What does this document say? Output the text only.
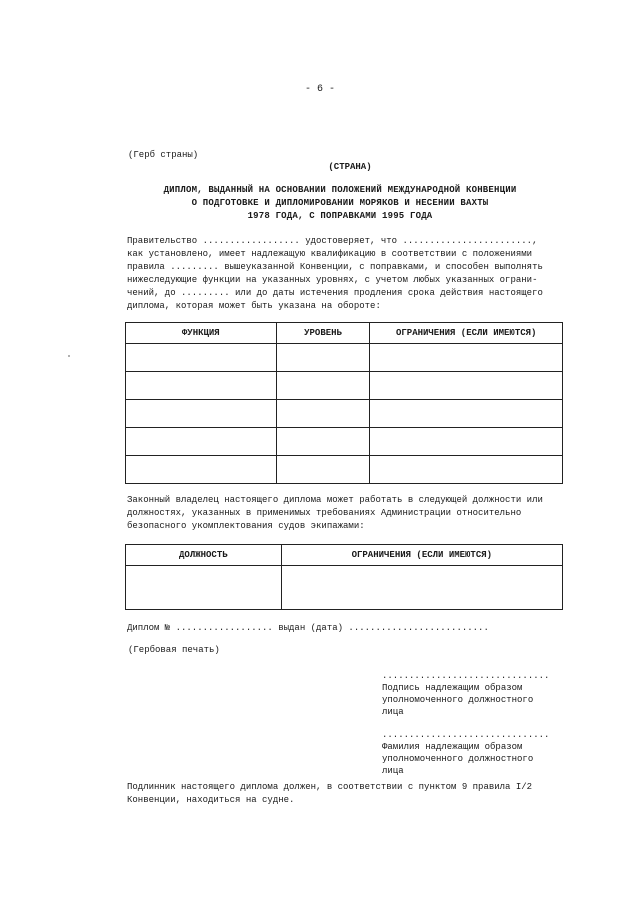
- 6 -
(Герб страны)
(СТРАНА)
ДИПЛОМ, ВЫДАННЫЙ НА ОСНОВАНИИ ПОЛОЖЕНИЙ МЕЖДУНАРОДНОЙ КОНВЕНЦИИ
О ПОДГОТОВКЕ И ДИПЛОМИРОВАНИИ МОРЯКОВ И НЕСЕНИИ ВАХТЫ
1978 ГОДА, С ПОПРАВКАМИ 1995 ГОДА
Правительство .................. удостоверяет, что ........................,
как установлено, имеет надлежащую квалификацию в соответствии с положениями
правила ......... вышеуказанной Конвенции, с поправками, и способен выполнять
нижеследующие функции на указанных уровнях, с учетом любых указанных ограни-
чений, до ......... или до даты истечения продления срока действия настоящего
диплома, которая может быть указана на обороте:
ФУНКЦИЯ	УРОВЕНЬ	ОГРАНИЧЕНИЯ (ЕСЛИ ИМЕЮТСЯ)

Законный владелец настоящего диплома может работать в следующей должности или
должностях, указанных в применимых требованиях Администрации относительно
безопасного укомплектования судов экипажами:
ДОЛЖНОСТЬ	ОГРАНИЧЕНИЯ (ЕСЛИ ИМЕЮТСЯ)

Диплом № .................. выдан (дата) ..........................
(Гербовая печать)
...............................
Подпись надлежащим образом
уполномоченного должностного
лица
...............................
Фамилия надлежащим образом
уполномоченного должностного
лица
Подлинник настоящего диплома должен, в соответствии с пунктом 9 правила I/2
Конвенции, находиться на судне.
